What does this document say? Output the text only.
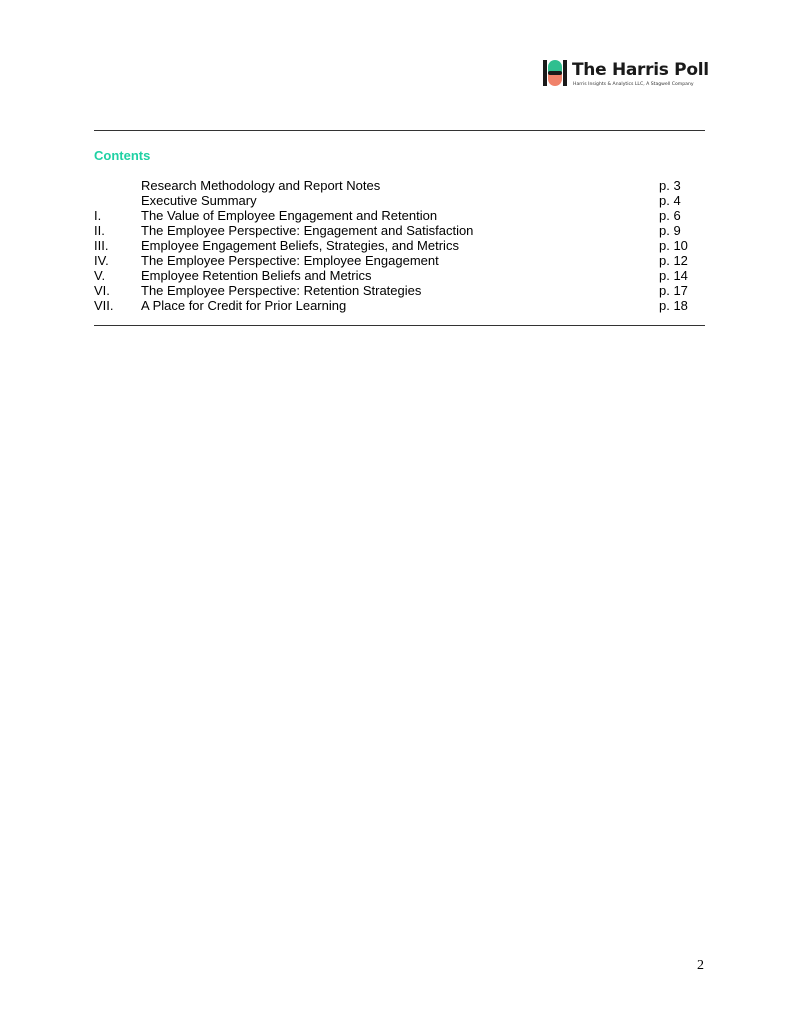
The Harris Poll
Harris Insights & Analytics LLC, A Stagwell Company
Contents
Research Methodology and Report Notes	p. 3
Executive Summary	p. 4
I.	The Value of Employee Engagement and Retention	p. 6
II.	The Employee Perspective: Engagement and Satisfaction	p. 9
III.	Employee Engagement Beliefs, Strategies, and Metrics	p. 10
IV. The Employee Perspective: Employee Engagement	p. 12
V.	Employee Retention Beliefs and Metrics	p. 14
VI. The Employee Perspective: Retention Strategies	p. 17
VII. A Place for Credit for Prior Learning	p. 18
2
